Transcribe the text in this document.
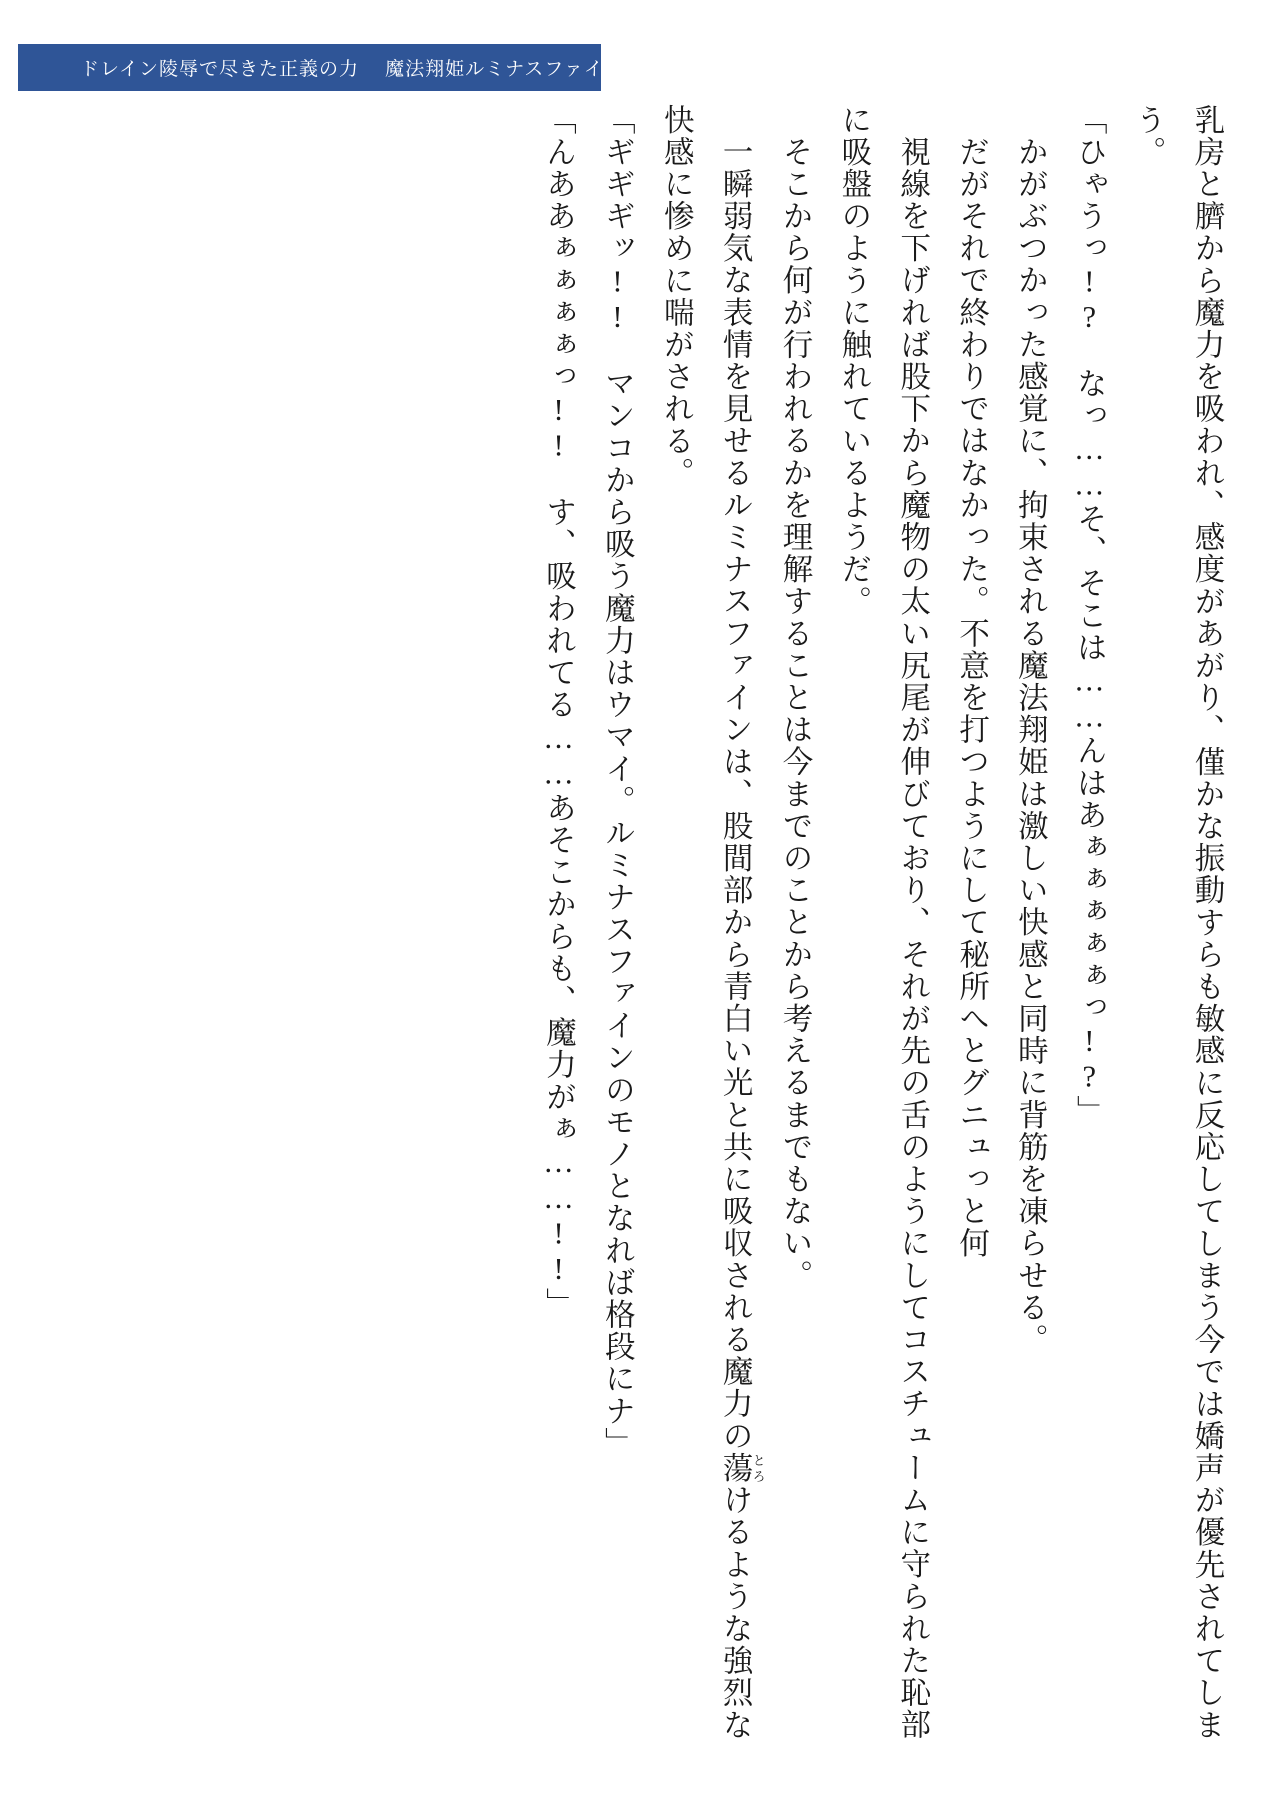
ドレイン陵辱で尽きた正義の力 魔法翔姫ルミナスファイン

乳房と臍から魔力を吸われ、感度があがり、僅かな振動すらも敏感に反応してしまう今では嬌声が優先されてしまう。

「ひゃうっ!?　なっ……そ、そこは……んはあぁぁぁぁぁっ!?」

かがぶつかった感覚に、拘束される魔法翔姫は激しい快感と同時に背筋を凍らせる。

だがそれで終わりではなかった。不意を打つようにして秘所へとグニュっと何

視線を下げれば股下から魔物の太い尻尾が伸びており、それが先の舌のようにしてコスチュームに守られた恥部に吸盤のように触れているようだ。

そこから何が行われるかを理解することは今までのことから考えるまでもない。

一瞬弱気な表情を見せるルミナスファインは、股間部から青白い光と共に吸収される魔力の蕩とろけるような強烈な快感に惨めに喘がされる。

「ギギギッ!!　マンコから吸う魔力はウマイ。ルミナスファインのモノとなれば格段にナ」

「んああぁぁぁぁっ!!　す、吸われてる……あそこからも、魔力がぁ……!!」
